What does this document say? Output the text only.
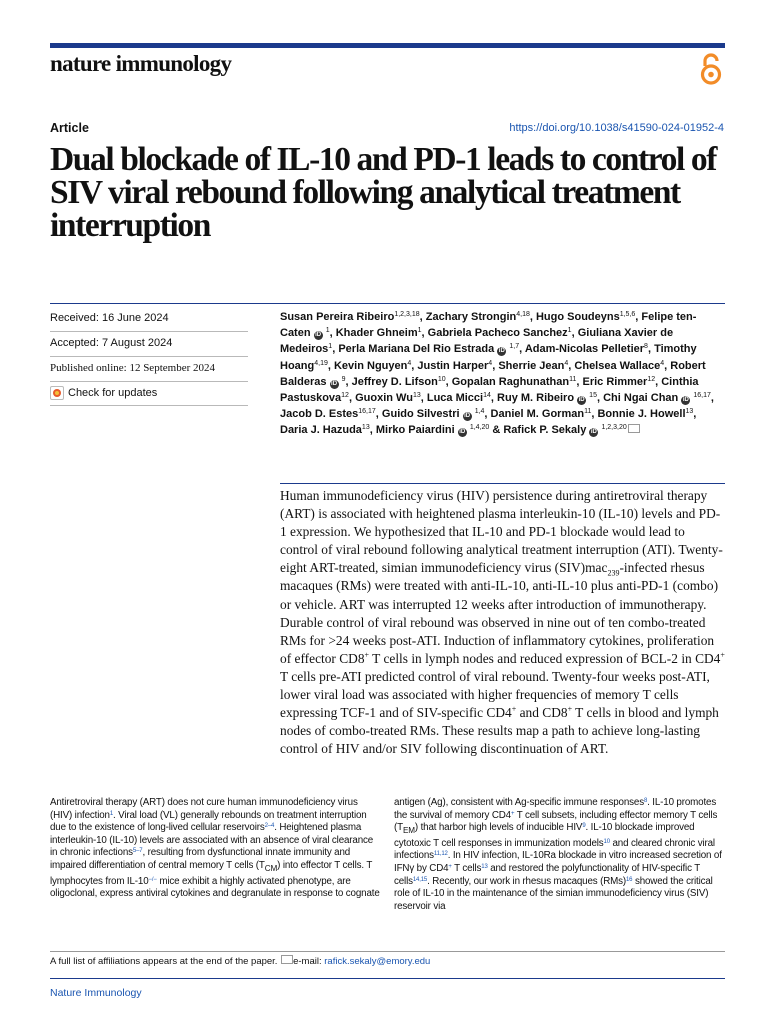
nature immunology
Article	https://doi.org/10.1038/s41590-024-01952-4
Dual blockade of IL-10 and PD-1 leads to control of SIV viral rebound following analytical treatment interruption
Received: 16 June 2024
Accepted: 7 August 2024
Published online: 12 September 2024
Check for updates
Susan Pereira Ribeiro$^{1,2,3,18}$, Zachary Strongin$^{4,18}$, Hugo Soudeyns$^{1,5,6}$, Felipe ten-Caten iD $^1$, Khader Ghneim$^1$, Gabriela Pacheco Sanchez$^1$, Giuliana Xavier de Medeiros$^1$, Perla Mariana Del Rio Estrada iD $^{1,7}$, Adam-Nicolas Pelletier$^8$, Timothy Hoang$^{4,19}$, Kevin Nguyen$^4$, Justin Harper$^4$, Sherrie Jean$^4$, Chelsea Wallace$^4$, Robert Balderas iD $^9$, Jeffrey D. Lifson$^{10}$, Gopalan Raghunathan$^{11}$, Eric Rimmer$^{12}$, Cinthia Pastuskova$^{12}$, Guoxin Wu$^{13}$, Luca Micci$^{14}$, Ruy M. Ribeiro iD $^{15}$, Chi Ngai Chan iD $^{16,17}$, Jacob D. Estes$^{16,17}$, Guido Silvestri iD $^{1,4}$, Daniel M. Gorman$^{11}$, Bonnie J. Howell$^{13}$, Daria J. Hazuda$^{13}$, Mirko Paiardini iD $^{1,4,20}$ & Rafick P. Sekaly iD $^{1,2,3,20}$

Human immunodeficiency virus (HIV) persistence during antiretroviral therapy (ART) is associated with heightened plasma interleukin-10 (IL-10) levels and PD-1 expression. We hypothesized that IL-10 and PD-1 blockade would lead to control of viral rebound following analytical treatment interruption (ATI). Twenty-eight ART-treated, simian immunodeficiency virus (SIV)mac$_{239}$-infected rhesus macaques (RMs) were treated with anti-IL-10, anti-IL-10 plus anti-PD-1 (combo) or vehicle. ART was interrupted 12 weeks after introduction of immunotherapy. Durable control of viral rebound was observed in nine out of ten combo-treated RMs for >24 weeks post-ATI. Induction of inflammatory cytokines, proliferation of effector CD8+ T cells in lymph nodes and reduced expression of BCL-2 in CD4+ T cells pre-ATI predicted control of viral rebound. Twenty-four weeks post-ATI, lower viral load was associated with higher frequencies of memory T cells expressing TCF-1 and of SIV-specific CD4+ and CD8+ T cells in blood and lymph nodes of combo-treated RMs. These results map a path to achieve long-lasting control of HIV and/or SIV following discontinuation of ART.

Antiretroviral therapy (ART) does not cure human immunodeficiency virus (HIV) infection$^1$. Viral load (VL) generally rebounds on treatment interruption due to the existence of long-lived cellular reservoirs$^{2-4}$. Heightened plasma interleukin-10 (IL-10) levels are associated with an absence of viral clearance in chronic infections$^{5-7}$, resulting from dysfunctional innate immunity and impaired differentiation of central memory T cells $(T_{CM})$ into effector T cells. T lymphocytes from IL-10−/− mice exhibit a highly activated phenotype, are oligoclonal, express antiviral cytokines and degranulate in response to cognate

antigen (Ag), consistent with Ag-specific immune responses$^8$. IL-10 promotes the survival of memory CD4+ T cell subsets, including effector memory T cells $(T_{EM})$ that harbor high levels of inducible HIV$^9$. IL-10 blockade improved cytotoxic T cell responses in immunization models$^{10}$ and cleared chronic viral infections$^{11,12}$. In HIV infection, IL-10Ra blockade in vitro increased secretion of IFNγ by CD4+ T cells$^{13}$ and restored the polyfunctionality of HIV-specific T cells$^{14,15}$. Recently, our work in rhesus macaques (RMs)$^{16}$ showed the critical role of IL-10 in the maintenance of the simian immunodeficiency virus (SIV) reservoir via

A full list of affiliations appears at the end of the paper. e-mail: rafick.sekaly@emory.edu
Nature Immunology
